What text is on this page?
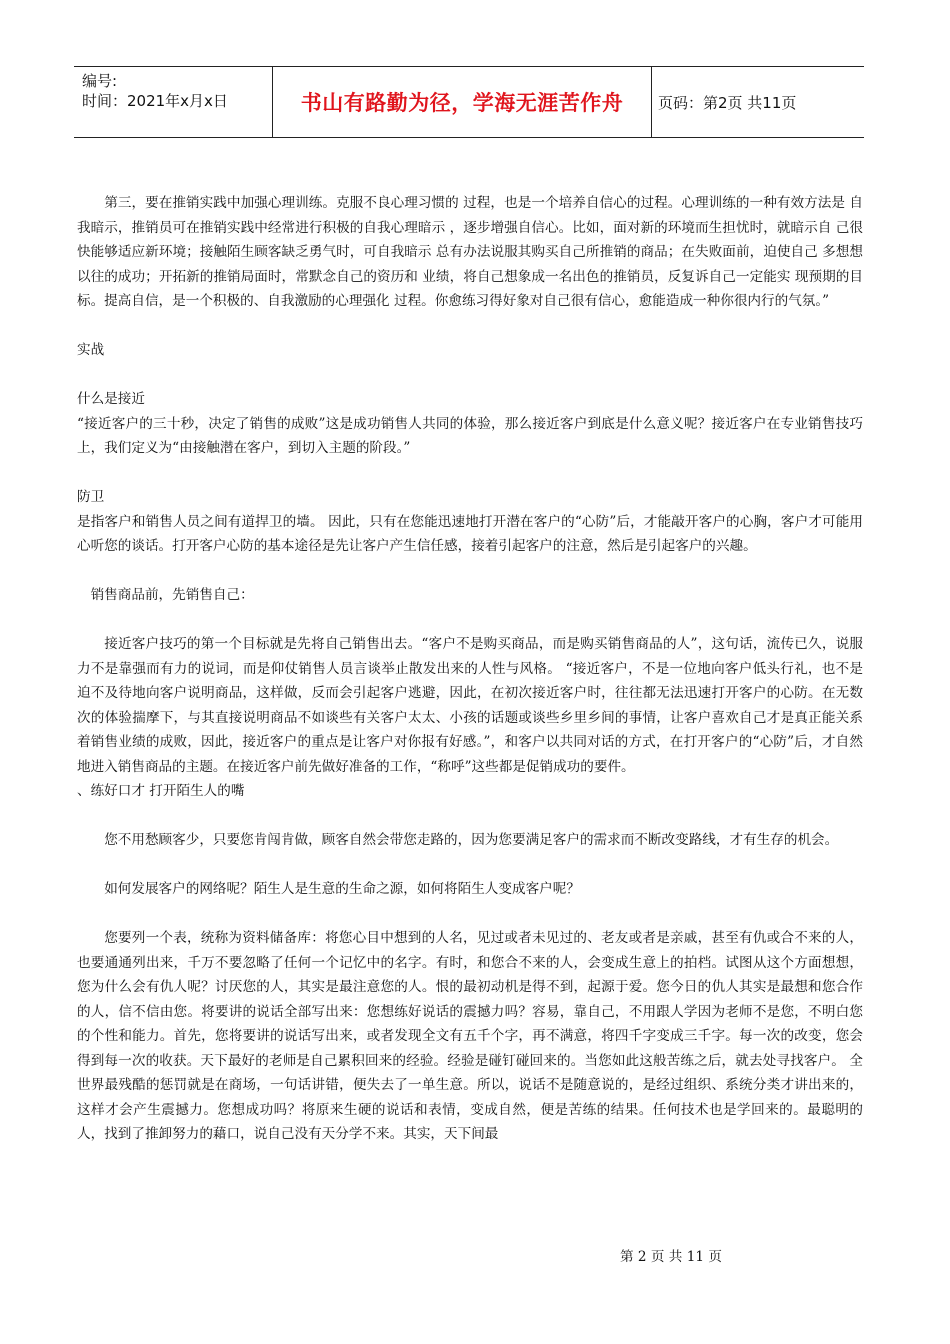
编号:
时间：2021年x月x日	书山有路勤为径，学海无涯苦作舟	页码：第2页 共11页

第三，要在推销实践中加强心理训练。克服不良心理习惯的 过程，也是一个培养自信心的过程。心理训练的一种有效方法是 自我暗示，推销员可在推销实践中经常进行积极的自我心理暗示 ，逐步增强自信心。比如，面对新的环境而生担忧时，就暗示自 己很快能够适应新环境；接触陌生顾客缺乏勇气时，可自我暗示 总有办法说服其购买自己所推销的商品；在失败面前，迫使自己 多想想以往的成功；开拓新的推销局面时，常默念自己的资历和 业绩，将自己想象成一名出色的推销员，反复诉自己一定能实 现预期的目标。提高自信，是一个积极的、自我激励的心理强化 过程。你愈练习得好象对自己很有信心，愈能造成一种你很内行的气氛。”

实战

什么是接近

“接近客户的三十秒，决定了销售的成败”这是成功销售人共同的体验，那么接近客户到底是什么意义呢？接近客户在专业销售技巧上，我们定义为“由接触潜在客户，到切入主题的阶段。”

防卫

是指客户和销售人员之间有道捍卫的墙。 因此，只有在您能迅速地打开潜在客户的“心防”后，才能敲开客户的心胸，客户才可能用心听您的谈话。打开客户心防的基本途径是先让客户产生信任感，接着引起客户的注意，然后是引起客户的兴趣。

销售商品前，先销售自己：

接近客户技巧的第一个目标就是先将自己销售出去。“客户不是购买商品，而是购买销售商品的人”，这句话，流传已久，说服力不是靠强而有力的说词，而是仰仗销售人员言谈举止散发出来的人性与风格。 “接近客户，不是一位地向客户低头行礼，也不是迫不及待地向客户说明商品，这样做，反而会引起客户逃避，因此，在初次接近客户时，往往都无法迅速打开客户的心防。在无数次的体验揣摩下，与其直接说明商品不如谈些有关客户太太、小孩的话题或谈些乡里乡间的事情，让客户喜欢自己才是真正能关系着销售业绩的成败，因此，接近客户的重点是让客户对你报有好感。”，和客户以共同对话的方式，在打开客户的“心防”后，才自然地进入销售商品的主题。在接近客户前先做好准备的工作，“称呼”这些都是促销成功的要件。

、练好口才 打开陌生人的嘴

您不用愁顾客少，只要您肯闯肯做，顾客自然会带您走路的，因为您要满足客户的需求而不断改变路线，才有生存的机会。

如何发展客户的网络呢？陌生人是生意的生命之源，如何将陌生人变成客户呢？

您要列一个表，统称为资料储备库：将您心目中想到的人名，见过或者未见过的、老友或者是亲戚，甚至有仇或合不来的人，也要通通列出来，千万不要忽略了任何一个记忆中的名字。有时，和您合不来的人，会变成生意上的拍档。试图从这个方面想想，您为什么会有仇人呢？讨厌您的人，其实是最注意您的人。恨的最初动机是得不到，起源于爱。您今日的仇人其实是最想和您合作的人，信不信由您。将要讲的说话全部写出来：您想练好说话的震撼力吗？容易，靠自己，不用跟人学因为老师不是您，不明白您的个性和能力。首先，您将要讲的说话写出来，或者发现全文有五千个字，再不满意，将四千字变成三千字。每一次的改变，您会得到每一次的收获。天下最好的老师是自己累积回来的经验。经验是碰钉碰回来的。当您如此这般苦练之后，就去处寻找客户。 全世界最残酷的惩罚就是在商场，一句话讲错，便失去了一单生意。所以，说话不是随意说的，是经过组织、系统分类才讲出来的，这样才会产生震撼力。您想成功吗？将原来生硬的说话和表情，变成自然，便是苦练的结果。任何技术也是学回来的。最聪明的人，找到了推卸努力的藉口，说自己没有天分学不来。其实，天下间最

第 2 页 共 11 页
